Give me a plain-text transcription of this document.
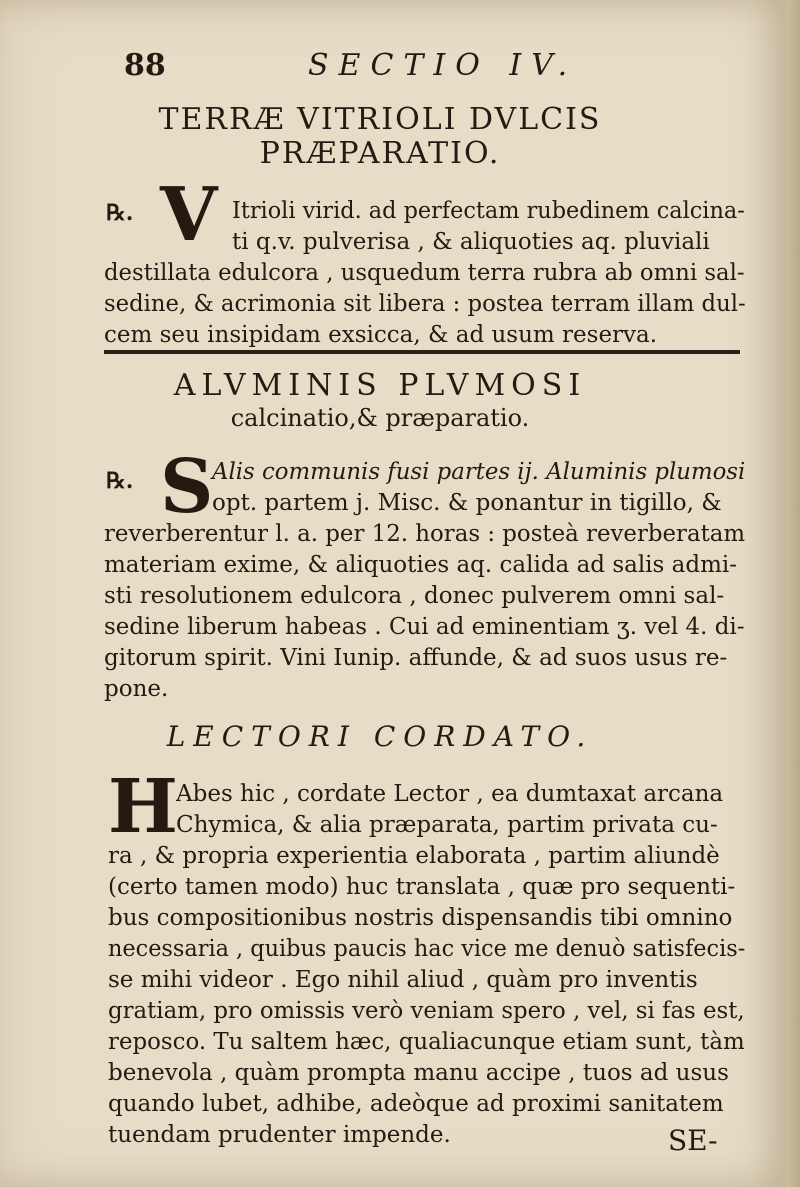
88	SECTIO IV.
TERRÆ VITRIOLI DVLCIS
PRÆPARATIO.
℞. V Itrioli virid. ad perfectam rubedinem calcina-
ti q.v. pulverisa , & aliquoties aq. pluviali
destillata edulcora , usquedum terra rubra ab omni sal-
sedine, & acrimonia sit libera : postea terram illam dul-
cem seu insipidam exsicca, & ad usum reserva.
ALVMINIS PLVMOSI
calcinatio,& præparatio.
℞. S
Alis communis fusi partes ij. Aluminis plumosi
opt. partem j. Misc. & ponantur in tigillo, &
reverberentur l. a. per 12. horas : posteà reverberatam
materiam exime, & aliquoties aq. calida ad salis admi-
sti resolutionem edulcora , donec pulverem omni sal-
sedine liberum habeas . Cui ad eminentiam ʒ. vel 4. di-
gitorum spirit. Vini Iunip. affunde, & ad suos usus re-
pone.
LECTORI CORDATO.
H
Abes hic , cordate Lector , ea dumtaxat arcana
Chymica, & alia præparata, partim privata cu-
ra , & propria experientia elaborata , partim aliundè
(certo tamen modo) huc translata , quæ pro sequenti-
bus compositionibus nostris dispensandis tibi omnino
necessaria , quibus paucis hac vice me denuò satisfecis-
se mihi videor . Ego nihil aliud , quàm pro inventis
gratiam, pro omissis verò veniam spero , vel, si fas est,
reposco. Tu saltem hæc, qualiacunque etiam sunt, tàm
benevola , quàm prompta manu accipe , tuos ad usus
quando lubet, adhibe, adeòque ad proximi sanitatem
tuendam prudenter impende.	SE-
